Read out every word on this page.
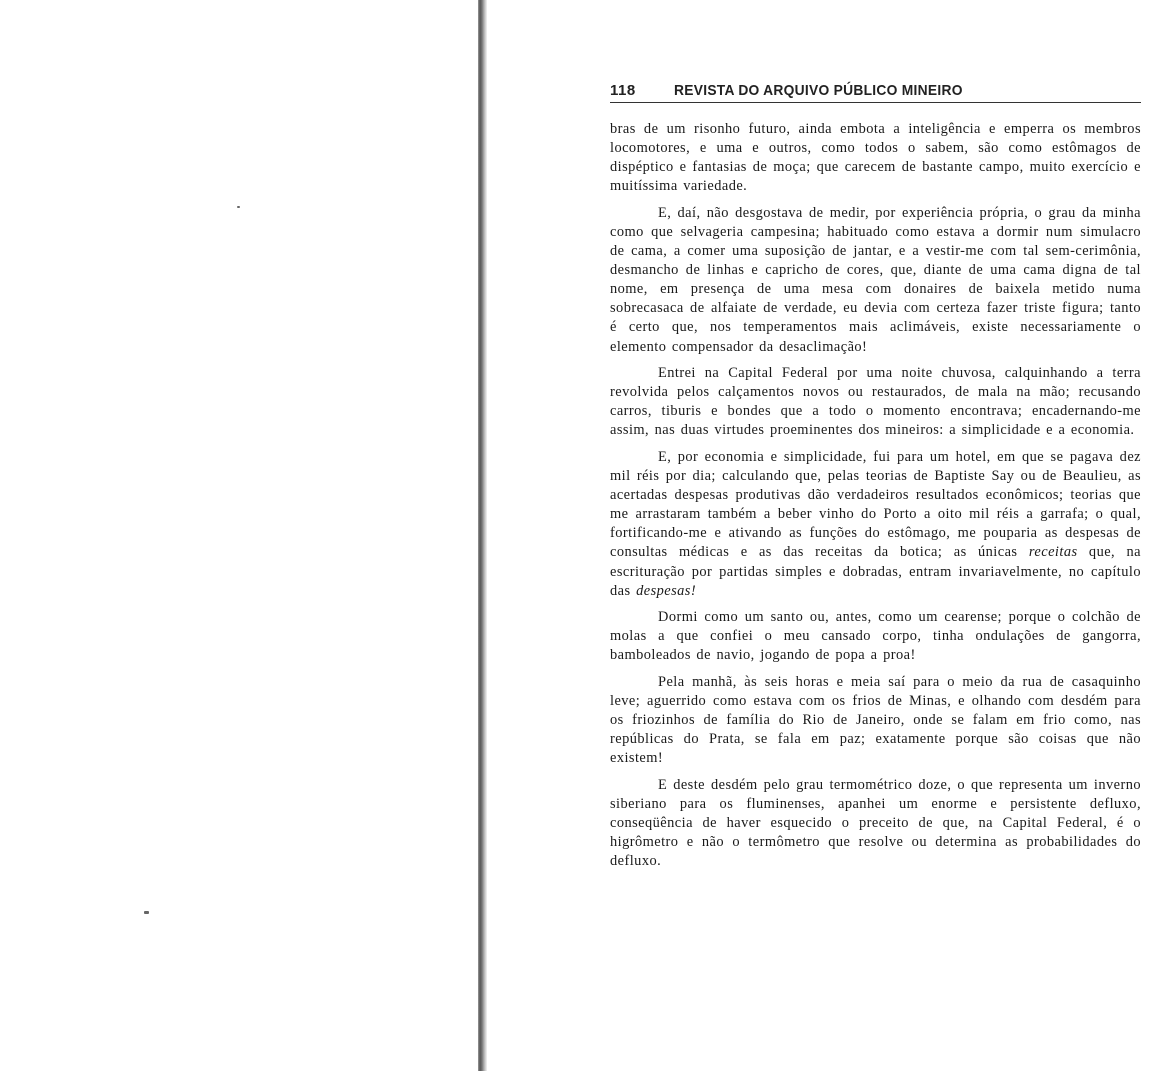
118	REVISTA DO ARQUIVO PÚBLICO MINEIRO

bras de um risonho futuro, ainda embota a inteligência e emperra os membros locomotores, e uma e outros, como todos o sabem, são como estômagos de dispéptico e fantasias de moça; que carecem de bastante campo, muito exercício e muitíssima variedade.

E, daí, não desgostava de medir, por experiência própria, o grau da minha como que selvageria campesina; habituado como estava a dormir num simulacro de cama, a comer uma suposição de jantar, e a vestir-me com tal sem-cerimônia, desmancho de linhas e capricho de cores, que, diante de uma cama digna de tal nome, em presença de uma mesa com donaires de baixela metido numa sobrecasaca de alfaiate de verdade, eu devia com certeza fazer triste figura; tanto é certo que, nos temperamentos mais aclimáveis, existe necessariamente o elemento compensador da desaclimação!

Entrei na Capital Federal por uma noite chuvosa, calquinhando a terra revolvida pelos calçamentos novos ou restaurados, de mala na mão; recusando carros, tiburis e bondes que a todo o momento encontrava; encadernando-me assim, nas duas virtudes proeminentes dos mineiros: a simplicidade e a economia.

E, por economia e simplicidade, fui para um hotel, em que se pagava dez mil réis por dia; calculando que, pelas teorias de Baptiste Say ou de Beaulieu, as acertadas despesas produtivas dão verdadeiros resultados econômicos; teorias que me arrastaram também a beber vinho do Porto a oito mil réis a garrafa; o qual, fortificando-me e ativando as funções do estômago, me pouparia as despesas de consultas médicas e as das receitas da botica; as únicas receitas que, na escrituração por partidas simples e dobradas, entram invariavelmente, no capítulo das despesas!

Dormi como um santo ou, antes, como um cearense; porque o colchão de molas a que confiei o meu cansado corpo, tinha ondulações de gangorra, bamboleados de navio, jogando de popa a proa!

Pela manhã, às seis horas e meia saí para o meio da rua de casaquinho leve; aguerrido como estava com os frios de Minas, e olhando com desdém para os friozinhos de família do Rio de Janeiro, onde se falam em frio como, nas repúblicas do Prata, se fala em paz; exatamente porque são coisas que não existem!

E deste desdém pelo grau termométrico doze, o que representa um inverno siberiano para os fluminenses, apanhei um enorme e persistente defluxo, conseqüência de haver esquecido o preceito de que, na Capital Federal, é o higrômetro e não o termômetro que resolve ou determina as probabilidades do defluxo.
